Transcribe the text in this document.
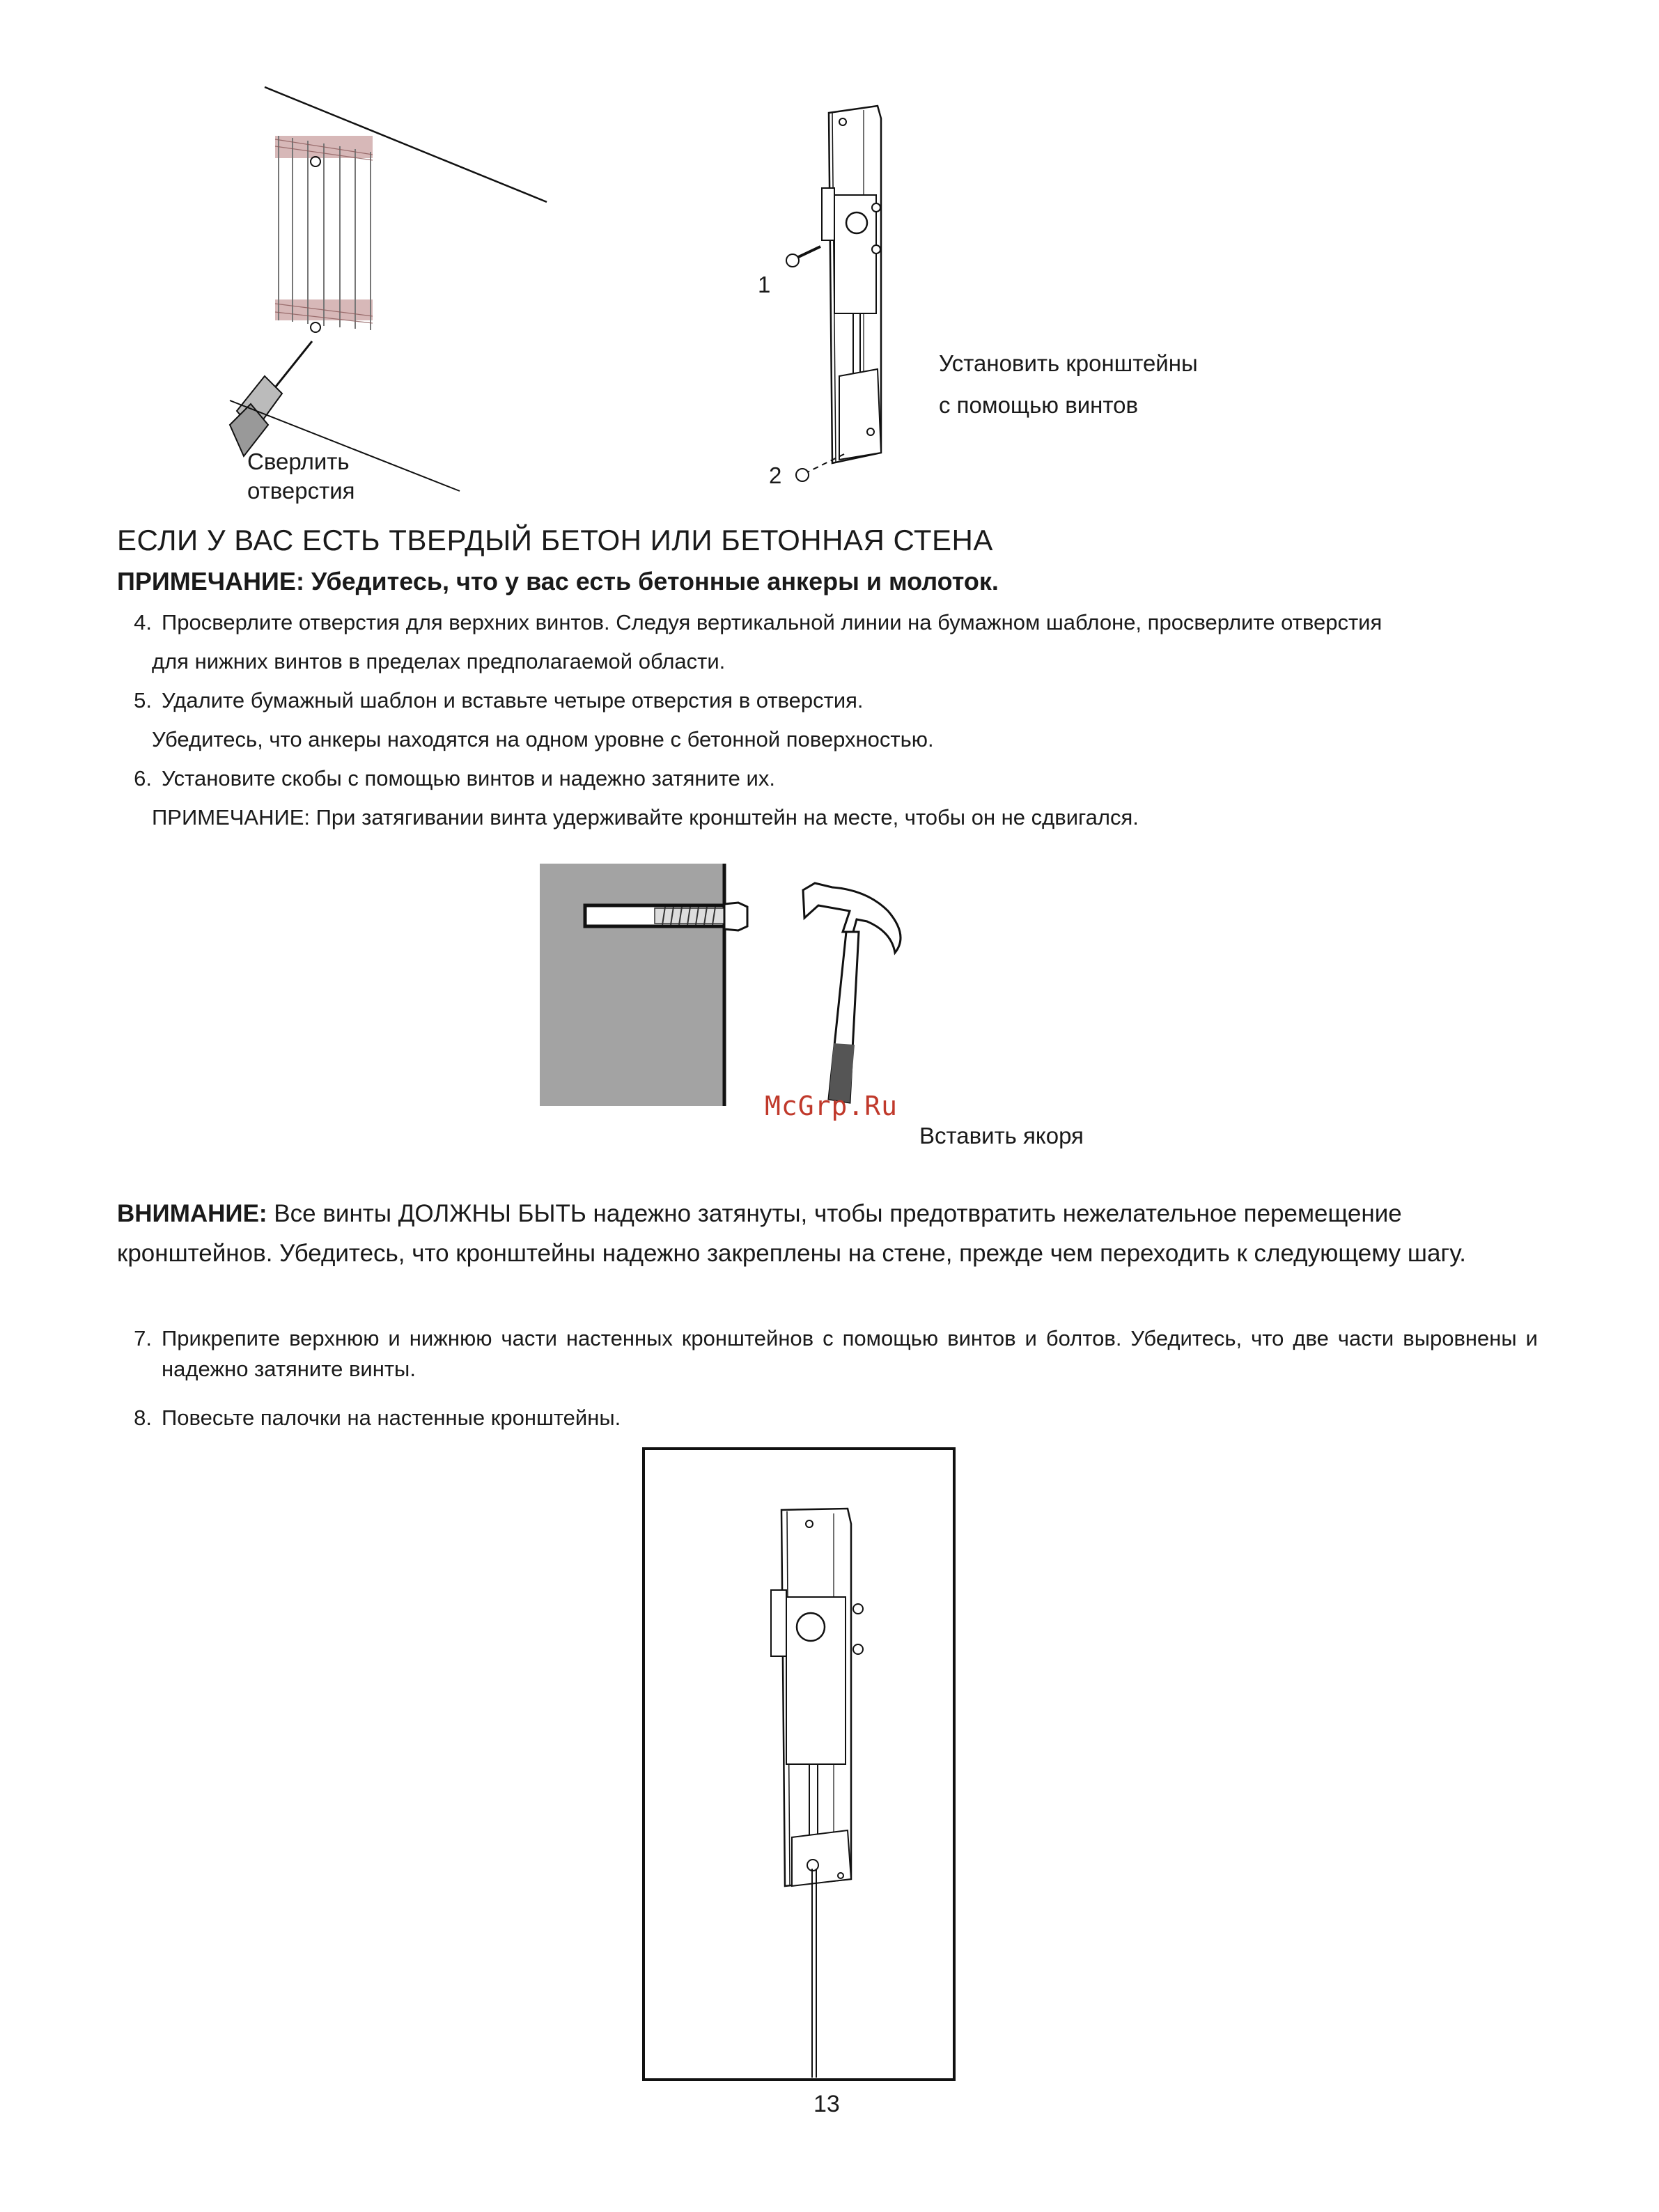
Сверлить
отверстия
1
2
Установить кронштейны
с помощью винтов
ЕСЛИ У ВАС ЕСТЬ ТВЕРДЫЙ БЕТОН ИЛИ БЕТОННАЯ СТЕНА
ПРИМЕЧАНИЕ: Убедитесь, что у вас есть бетонные анкеры и молоток.
4. Просверлите отверстия для верхних винтов. Следуя вертикальной линии на бумажном шаблоне, просверлите отверстия
для нижних винтов в пределах предполагаемой области.
5. Удалите бумажный шаблон и вставьте четыре отверстия в отверстия.
Убедитесь, что анкеры находятся на одном уровне с бетонной поверхностью.
6. Установите скобы с помощью винтов и надежно затяните их.
ПРИМЕЧАНИЕ: При затягивании винта удерживайте кронштейн на месте, чтобы он не сдвигался.
McGrp.Ru
Вставить якоря
ВНИМАНИЕ: Все винты ДОЛЖНЫ БЫТЬ надежно затянуты, чтобы предотвратить нежелательное перемещение кронштейнов. Убедитесь, что кронштейны надежно закреплены на стене, прежде чем переходить к следующему шагу.
7. Прикрепите верхнюю и нижнюю части настенных кронштейнов с помощью винтов и болтов. Убедитесь, что две части выровнены и надежно затяните винты.
8. Повесьте палочки на настенные кронштейны.
13
